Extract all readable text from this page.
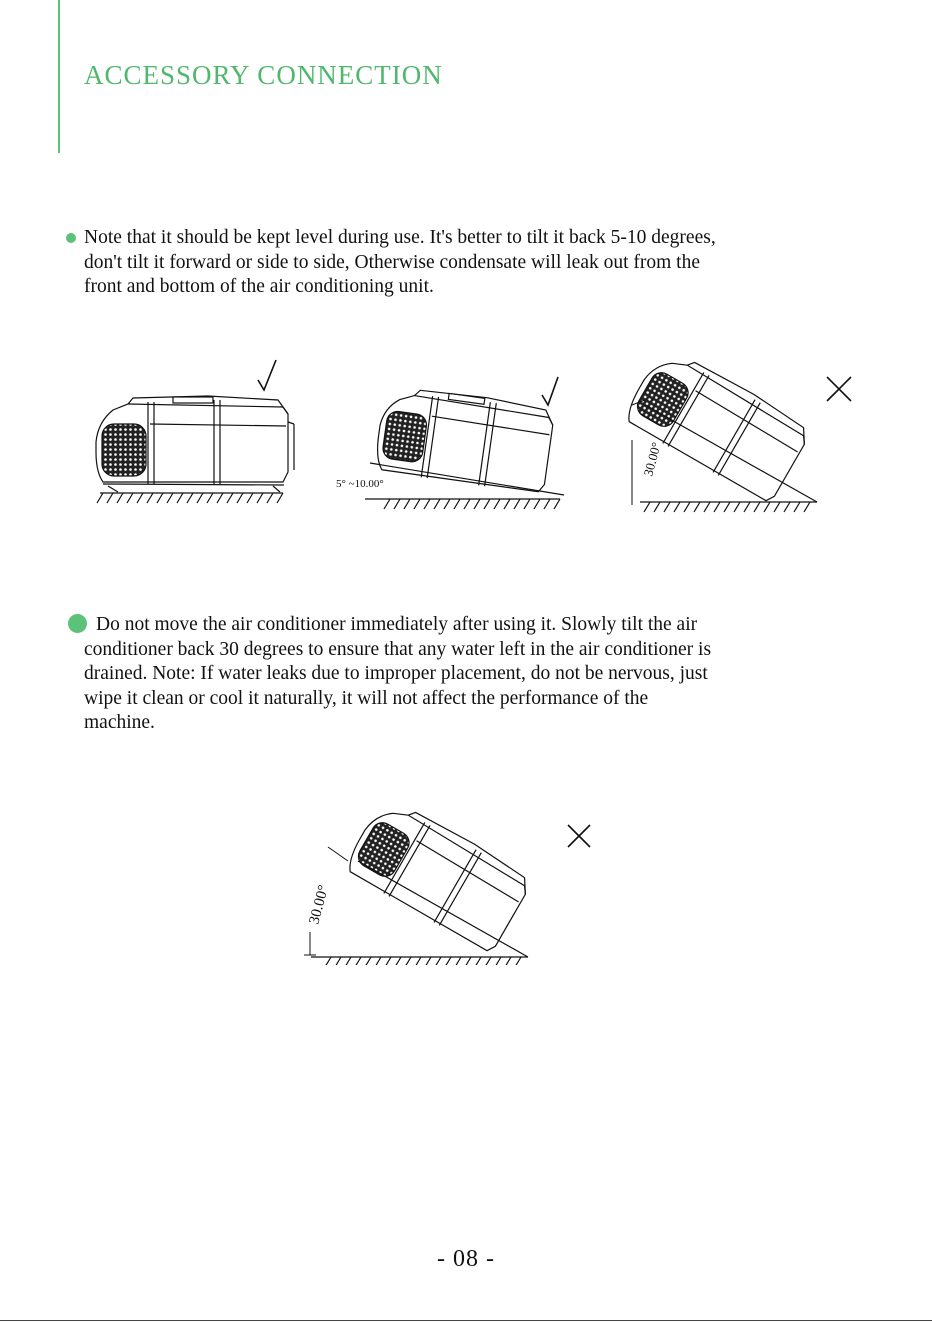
ACCESSORY CONNECTION

Note that it should be kept level during use. It's better to tilt it back 5-10 degrees,

don't tilt it forward or side to side, Otherwise condensate will leak out from the

front and bottom of the air conditioning unit.

5° ~10.00°
30.00°

Do not move the air conditioner immediately after using it. Slowly tilt the air

conditioner back 30 degrees to ensure that any water left in the air conditioner is

drained. Note: If water leaks due to improper placement, do not be nervous, just

wipe it clean or cool it naturally, it will not affect the performance of the

machine.

30.00°
- 08 -
